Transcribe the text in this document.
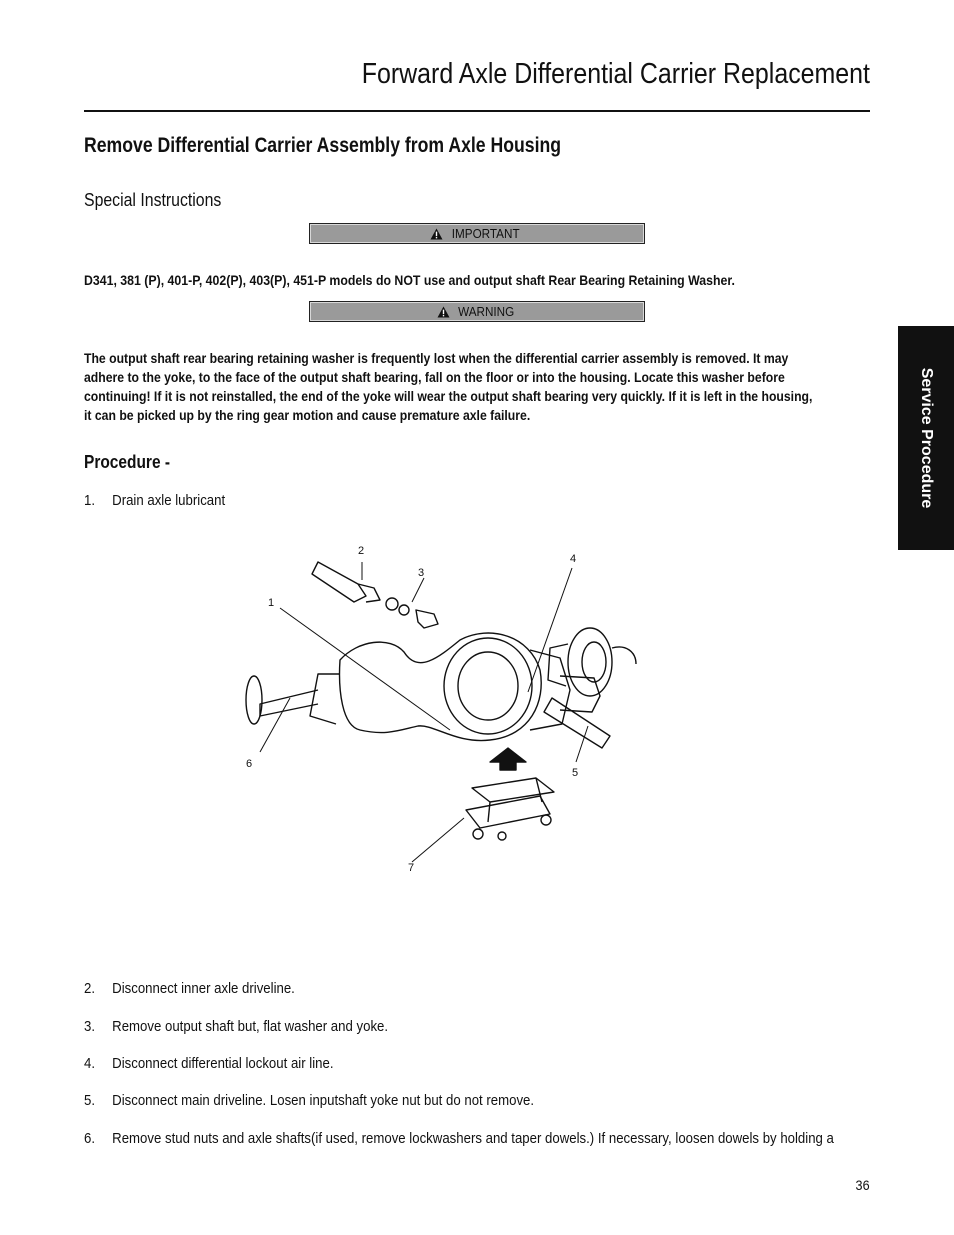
Forward Axle Differential Carrier Replacement
Remove Differential Carrier Assembly from Axle Housing
Special Instructions
IMPORTANT
D341, 381 (P), 401-P, 402(P), 403(P), 451-P models do NOT use and output shaft Rear Bearing Retaining Washer.
WARNING
The output shaft rear bearing retaining washer is frequently lost when the differential carrier assembly is removed. It may
adhere to the yoke, to the face of the output shaft bearing, fall on the floor or into the housing. Locate this washer before
continuing! If it is not reinstalled, the end of the yoke will wear the output shaft bearing very quickly. If it is left in the housing,
it can be picked up by the ring gear motion and cause premature axle failure.
Procedure -
1. Drain axle lubricant
1
2
3
4
5
6
7
2. Disconnect inner axle driveline.
3. Remove output shaft but, flat washer and yoke.
4. Disconnect differential lockout air line.
5. Disconnect main driveline. Losen inputshaft yoke nut but do not remove.
6. Remove stud nuts and axle shafts(if used, remove lockwashers and taper dowels.) If necessary, loosen dowels by holding a
Service Procedure
36
